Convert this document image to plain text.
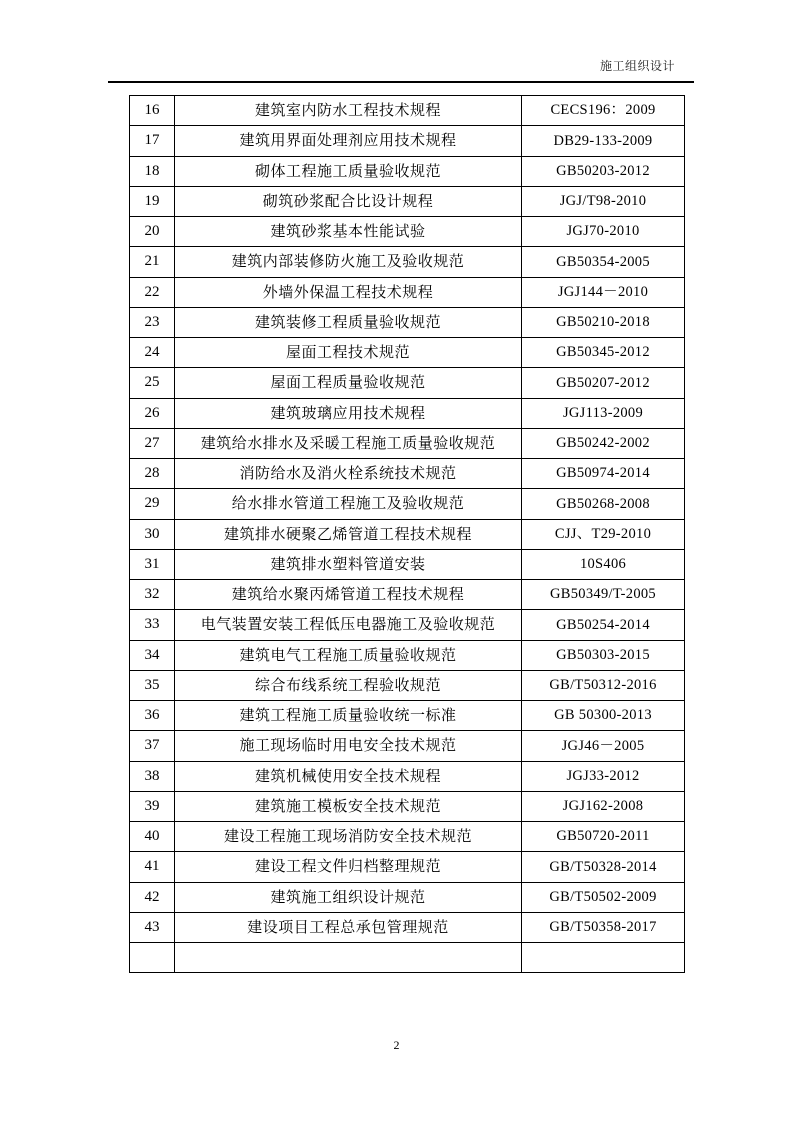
施工组织设计
16	建筑室内防水工程技术规程	CECS196：2009
17	建筑用界面处理剂应用技术规程	DB29-133-2009
18	砌体工程施工质量验收规范	GB50203-2012
19	砌筑砂浆配合比设计规程	JGJ/T98-2010
20	建筑砂浆基本性能试验	JGJ70-2010
21	建筑内部装修防火施工及验收规范	GB50354-2005
22	外墙外保温工程技术规程	JGJ144－2010
23	建筑装修工程质量验收规范	GB50210-2018
24	屋面工程技术规范	GB50345-2012
25	屋面工程质量验收规范	GB50207-2012
26	建筑玻璃应用技术规程	JGJ113-2009
27	建筑给水排水及采暖工程施工质量验收规范	GB50242-2002
28	消防给水及消火栓系统技术规范	GB50974-2014
29	给水排水管道工程施工及验收规范	GB50268-2008
30	建筑排水硬聚乙烯管道工程技术规程	CJJ、T29-2010
31	建筑排水塑料管道安装	10S406
32	建筑给水聚丙烯管道工程技术规程	GB50349/T-2005
33	电气装置安装工程低压电器施工及验收规范	GB50254-2014
34	建筑电气工程施工质量验收规范	GB50303-2015
35	综合布线系统工程验收规范	GB/T50312-2016
36	建筑工程施工质量验收统一标准	GB 50300-2013
37	施工现场临时用电安全技术规范	JGJ46－2005
38	建筑机械使用安全技术规程	JGJ33-2012
39	建筑施工模板安全技术规范	JGJ162-2008
40	建设工程施工现场消防安全技术规范	GB50720-2011
41	建设工程文件归档整理规范	GB/T50328-2014
42	建筑施工组织设计规范	GB/T50502-2009
43	建设项目工程总承包管理规范	GB/T50358-2017

2
